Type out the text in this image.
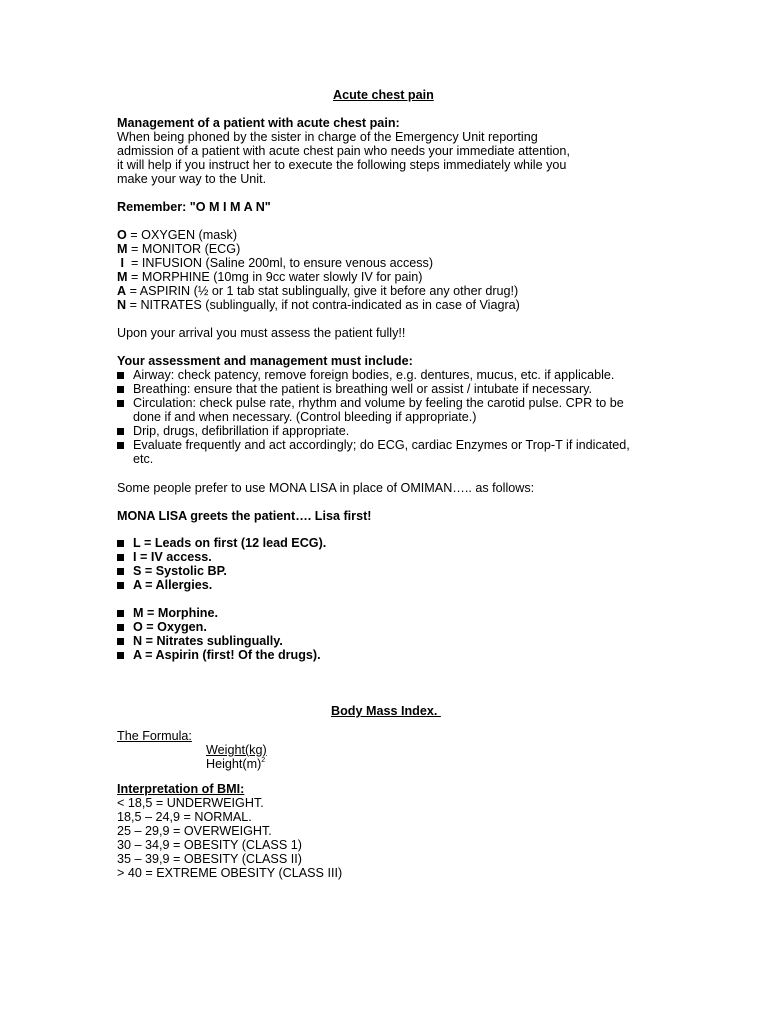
Acute chest pain
Management of a patient with acute chest pain:
When being phoned by the sister in charge of the Emergency Unit reporting
admission of a patient with acute chest pain who needs your immediate attention,
it will help if you instruct her to execute the following steps immediately while you
make your way to the Unit.
Remember: "O M I M A N"
O = OXYGEN (mask)
M = MONITOR (ECG)
I  = INFUSION (Saline 200ml, to ensure venous access)
M = MORPHINE (10mg in 9cc water slowly IV for pain)
A = ASPIRIN (½ or 1 tab stat sublingually, give it before any other drug!)
N = NITRATES (sublingually, if not contra-indicated as in case of Viagra)
Upon your arrival you must assess the patient fully!!
Your assessment and management must include:
Airway: check patency, remove foreign bodies, e.g. dentures, mucus, etc. if applicable.
Breathing: ensure that the patient is breathing well or assist / intubate if necessary.
Circulation: check pulse rate, rhythm and volume by feeling the carotid pulse. CPR to be
done if and when necessary. (Control bleeding if appropriate.)
Drip, drugs, defibrillation if appropriate.
Evaluate frequently and act accordingly; do ECG, cardiac Enzymes or Trop-T if indicated,
etc.
Some people prefer to use MONA LISA in place of OMIMAN….. as follows:
MONA LISA greets the patient…. Lisa first!
L = Leads on first (12 lead ECG).
I = IV access.
S = Systolic BP.
A = Allergies.
M = Morphine.
O = Oxygen.
N = Nitrates sublingually.
A = Aspirin (first! Of the drugs).
Body Mass Index.
The Formula:
Weight(kg)
$Height(m)^2$
Interpretation of BMI:
< 18,5 = UNDERWEIGHT.
18,5 – 24,9 = NORMAL.
25 – 29,9 = OVERWEIGHT.
30 – 34,9 = OBESITY (CLASS 1)
35 – 39,9 = OBESITY (CLASS II)
> 40 = EXTREME OBESITY (CLASS III)
